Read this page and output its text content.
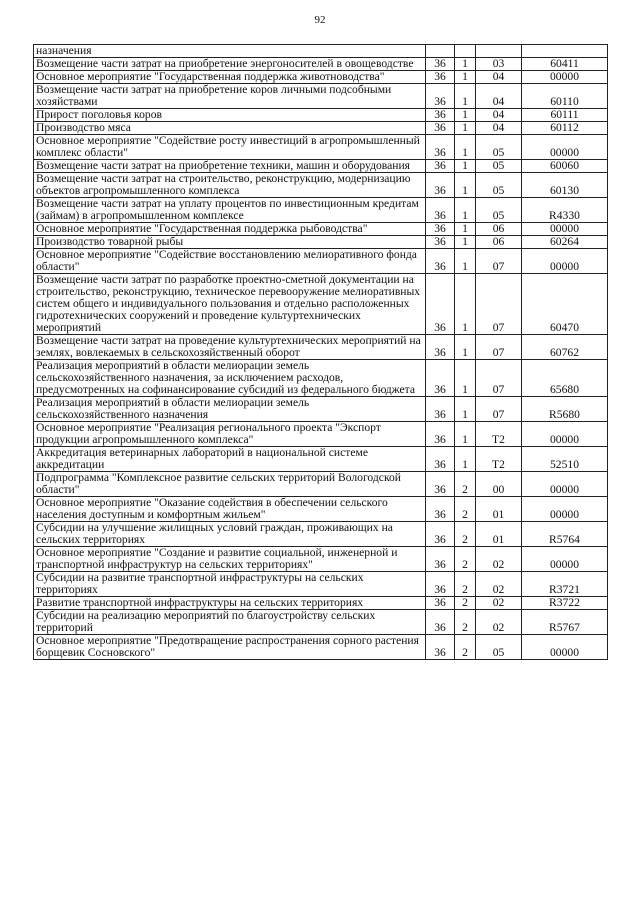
92
назначения				
Возмещение части затрат на приобретение энергоносителей в овощеводстве	36	1	03	60411
Основное мероприятие "Государственная поддержка животноводства"	36	1	04	00000
Возмещение части затрат на приобретение коров личными подсобными хозяйствами	36	1	04	60110
Прирост поголовья коров	36	1	04	60111
Производство мяса	36	1	04	60112
Основное мероприятие "Содействие росту инвестиций в агропромышленный комплекс области"	36	1	05	00000
Возмещение части затрат на приобретение техники, машин и оборудования	36	1	05	60060
Возмещение части затрат на строительство, реконструкцию, модернизацию объектов агропромышленного комплекса	36	1	05	60130
Возмещение части затрат на уплату процентов по инвестиционным кредитам (займам) в агропромышленном комплексе	36	1	05	R4330
Основное мероприятие "Государственная поддержка рыбоводства"	36	1	06	00000
Производство товарной рыбы	36	1	06	60264
Основное мероприятие "Содействие восстановлению мелиоративного фонда области"	36	1	07	00000
Возмещение части затрат по разработке проектно-сметной документации на строительство, реконструкцию, техническое перевооружение мелиоративных систем общего и индивидуального пользования и отдельно расположенных гидротехнических сооружений и проведение культуртехнических мероприятий	36	1	07	60470
Возмещение части затрат на проведение культуртехнических мероприятий на землях, вовлекаемых в сельскохозяйственный оборот	36	1	07	60762
Реализация мероприятий в области мелиорации земель сельскохозяйственного назначения, за исключением расходов, предусмотренных на софинансирование субсидий из федерального бюджета	36	1	07	65680
Реализация мероприятий в области мелиорации земель сельскохозяйственного назначения	36	1	07	R5680
Основное мероприятие "Реализация регионального проекта "Экспорт продукции агропромышленного комплекса"	36	1	Т2	00000
Аккредитация ветеринарных лабораторий в национальной системе аккредитации	36	1	Т2	52510
Подпрограмма "Комплексное развитие сельских территорий Вологодской области"	36	2	00	00000
Основное мероприятие "Оказание содействия в обеспечении сельского населения доступным и комфортным жильем"	36	2	01	00000
Субсидии на улучшение жилищных условий граждан, проживающих на сельских территориях	36	2	01	R5764
Основное мероприятие "Создание и развитие социальной, инженерной и транспортной инфраструктур на сельских территориях"	36	2	02	00000
Субсидии на развитие транспортной инфраструктуры на сельских территориях	36	2	02	R3721
Развитие транспортной инфраструктуры на сельских территориях	36	2	02	R3722
Субсидии на реализацию мероприятий по благоустройству сельских территорий	36	2	02	R5767
Основное мероприятие "Предотвращение распространения сорного растения борщевик Сосновского"	36	2	05	00000
